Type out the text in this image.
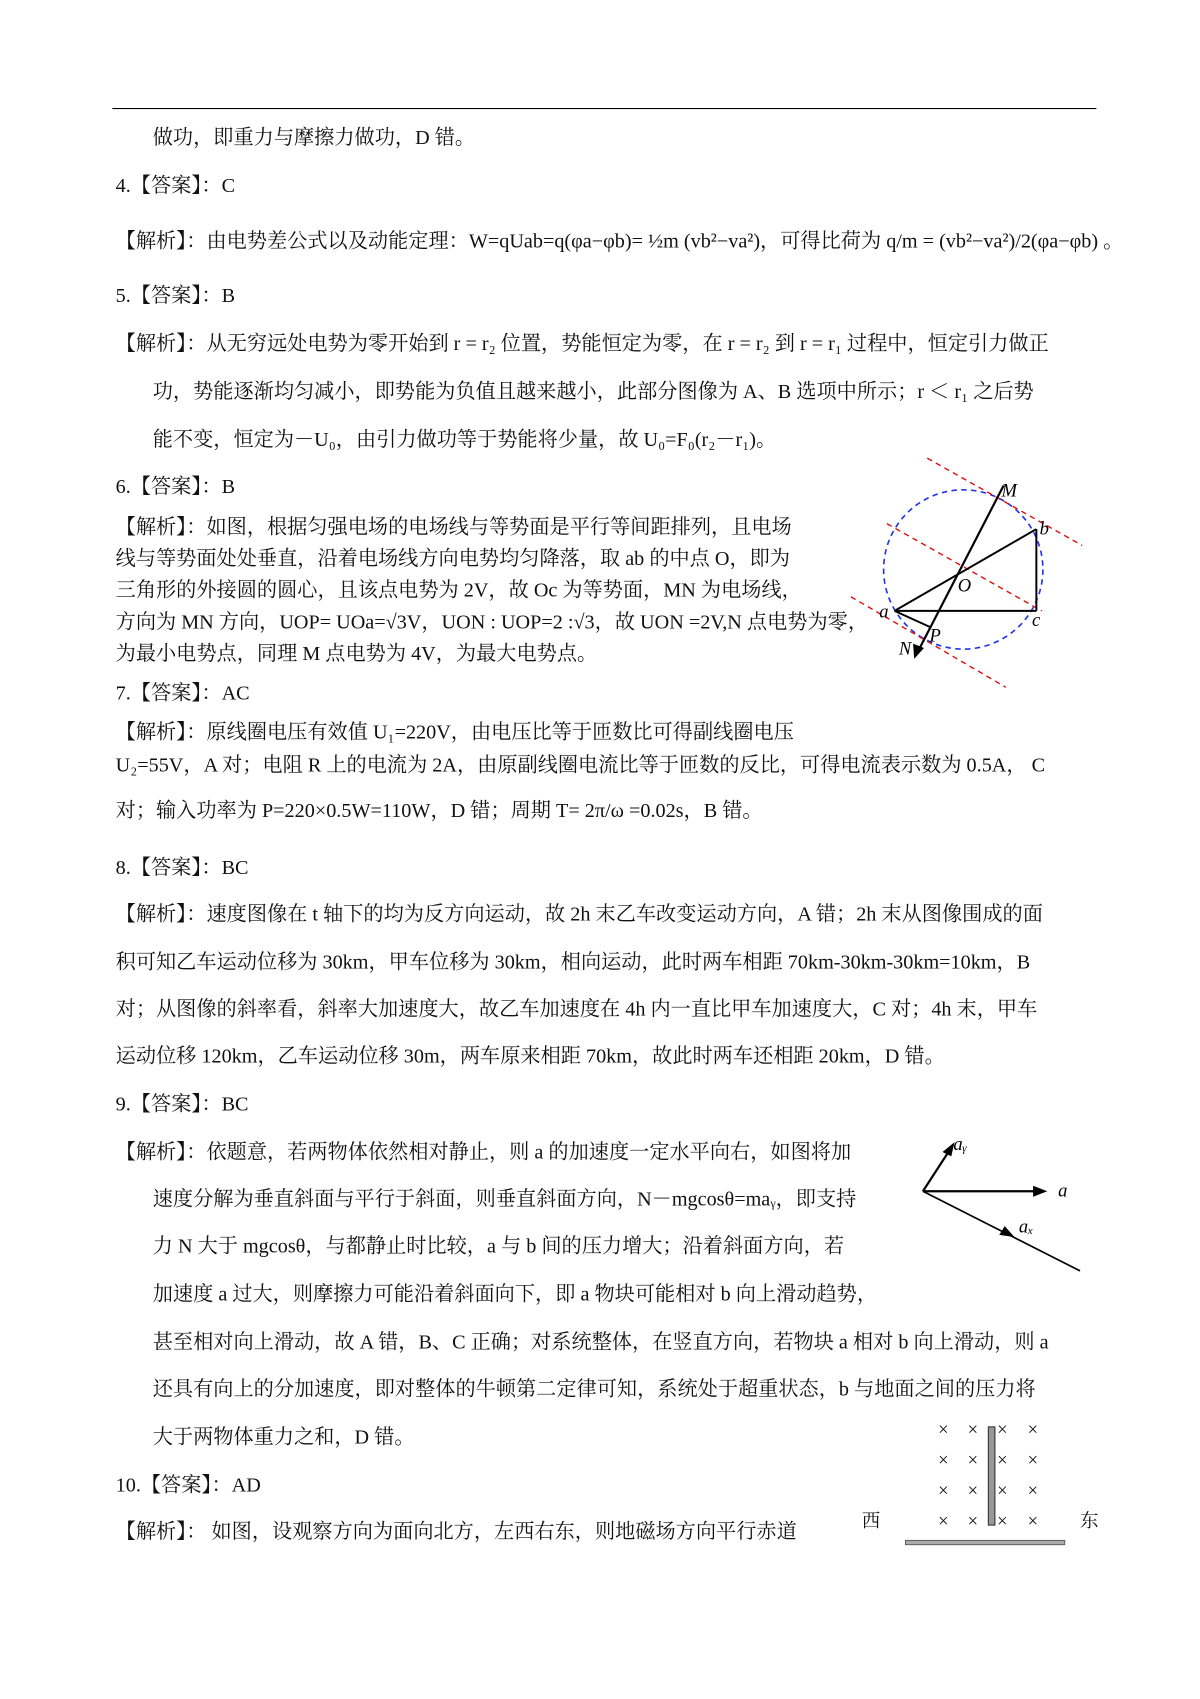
做功，即重力与摩擦力做功，D 错。
4.【答案】：C
【解析】：由电势差公式以及动能定理：W=qUab=q(φa−φb)= ½m (vb²−va²)，可得比荷为 q/m = (vb²−va²)/2(φa−φb) 。
5.【答案】：B
【解析】：从无穷远处电势为零开始到 r = r₂ 位置，势能恒定为零，在 r = r₂ 到 r = r₁ 过程中，恒定引力做正
功，势能逐渐均匀减小，即势能为负值且越来越小，此部分图像为 A、B 选项中所示；r ＜ r₁ 之后势
能不变，恒定为－U₀，由引力做功等于势能将少量，故 U₀=F₀(r₂－r₁)。
6.【答案】：B
【解析】：如图，根据匀强电场的电场线与等势面是平行等间距排列，且电场
线与等势面处处垂直，沿着电场线方向电势均匀降落，取 ab 的中点 O，即为
三角形的外接圆的圆心，且该点电势为 2V，故 Oc 为等势面，MN 为电场线，
方向为 MN 方向，UOP= UOa=√3V，UON : UOP=2 :√3，故 UON =2V,N 点电势为零，
为最小电势点，同理 M 点电势为 4V，为最大电势点。
7.【答案】：AC
【解析】：原线圈电压有效值 U₁=220V，由电压比等于匝数比可得副线圈电压
U₂=55V，A 对；电阻 R 上的电流为 2A，由原副线圈电流比等于匝数的反比，可得电流表示数为 0.5A， C
对；输入功率为 P=220×0.5W=110W，D 错；周期 T= 2π/ω =0.02s，B 错。
8.【答案】：BC
【解析】：速度图像在 t 轴下的均为反方向运动，故 2h 末乙车改变运动方向，A 错；2h 末从图像围成的面
积可知乙车运动位移为 30km，甲车位移为 30km，相向运动，此时两车相距 70km-30km-30km=10km，B
对；从图像的斜率看，斜率大加速度大，故乙车加速度在 4h 内一直比甲车加速度大，C 对；4h 末，甲车
运动位移 120km，乙车运动位移 30m，两车原来相距 70km，故此时两车还相距 20km，D 错。
9.【答案】：BC
【解析】：依题意，若两物体依然相对静止，则 a 的加速度一定水平向右，如图将加
速度分解为垂直斜面与平行于斜面，则垂直斜面方向，N－mgcosθ=maᵧ，即支持
力 N 大于 mgcosθ，与都静止时比较，a 与 b 间的压力增大；沿着斜面方向，若
加速度 a 过大，则摩擦力可能沿着斜面向下，即 a 物块可能相对 b 向上滑动趋势，
甚至相对向上滑动，故 A 错，B、C 正确；对系统整体，在竖直方向，若物块 a 相对 b 向上滑动，则 a
还具有向上的分加速度，即对整体的牛顿第二定律可知，系统处于超重状态，b 与地面之间的压力将
大于两物体重力之和，D 错。
10.【答案】：AD
【解析】： 如图，设观察方向为面向北方，左西右东，则地磁场方向平行赤道
M
b
O
a	c
P
N
aᵧ
a
aₓ
× × × ×
× × × ×
× × × ×
× × × ×
西	东
